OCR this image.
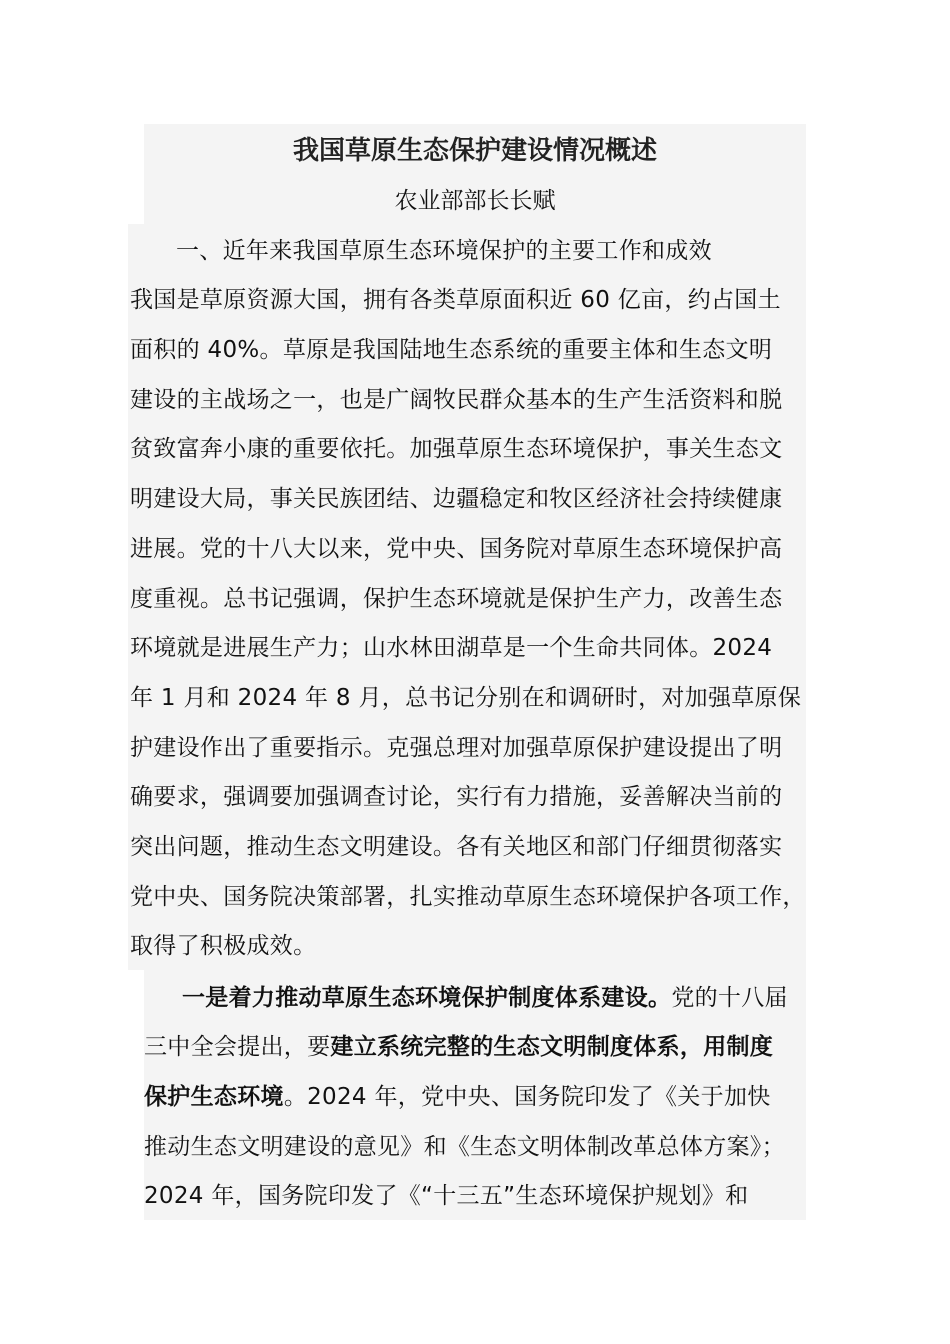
我国草原生态保护建设情况概述
农业部部长长赋
一、近年来我国草原生态环境保护的主要工作和成效
我国是草原资源大国，拥有各类草原面积近 60 亿亩，约占国土
面积的 40%。草原是我国陆地生态系统的重要主体和生态文明
建设的主战场之一，也是广阔牧民群众基本的生产生活资料和脱
贫致富奔小康的重要依托。加强草原生态环境保护，事关生态文
明建设大局，事关民族团结、边疆稳定和牧区经济社会持续健康
进展。党的十八大以来，党中央、国务院对草原生态环境保护高
度重视。总书记强调，保护生态环境就是保护生产力，改善生态
环境就是进展生产力；山水林田湖草是一个生命共同体。2024
年 1 月和 2024 年 8 月，总书记分别在和调研时，对加强草原保
护建设作出了重要指示。克强总理对加强草原保护建设提出了明
确要求，强调要加强调查讨论，实行有力措施，妥善解决当前的
突出问题，推动生态文明建设。各有关地区和部门仔细贯彻落实
党中央、国务院决策部署，扎实推动草原生态环境保护各项工作，
取得了积极成效。
一是着力推动草原生态环境保护制度体系建设。党的十八届
三中全会提出，要建立系统完整的生态文明制度体系，用制度
保护生态环境。2024 年，党中央、国务院印发了《关于加快
推动生态文明建设的意见》和《生态文明体制改革总体方案》；
2024 年，国务院印发了《“十三五”生态环境保护规划》和
